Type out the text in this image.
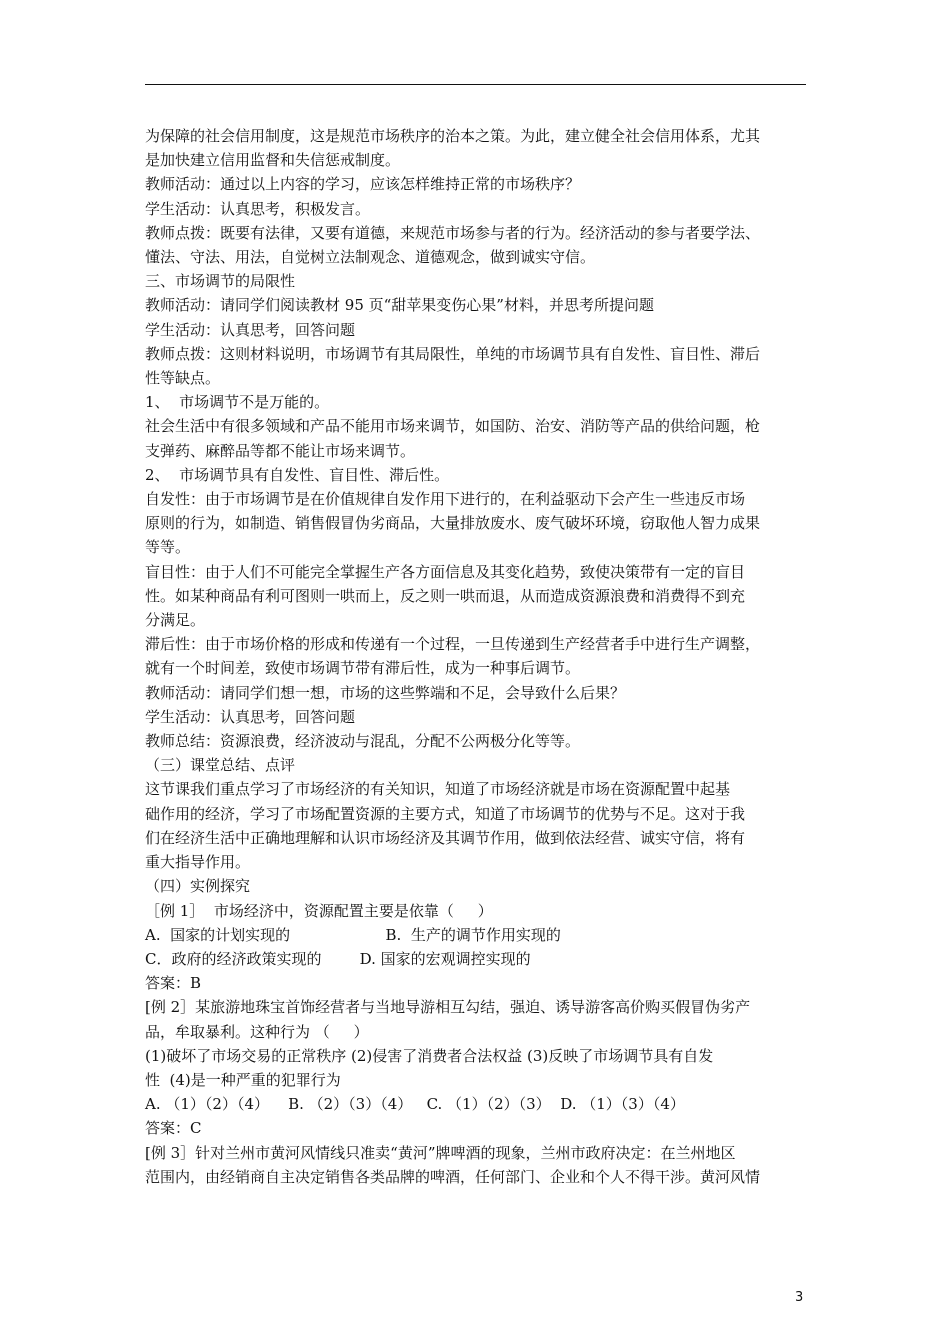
为保障的社会信用制度，这是规范市场秩序的治本之策。为此，建立健全社会信用体系，尤其

是加快建立信用监督和失信惩戒制度。

教师活动：通过以上内容的学习，应该怎样维持正常的市场秩序？

学生活动：认真思考，积极发言。

教师点拨：既要有法律，又要有道德，来规范市场参与者的行为。经济活动的参与者要学法、

懂法、守法、用法，自觉树立法制观念、道德观念，做到诚实守信。

三、市场调节的局限性

教师活动：请同学们阅读教材 95 页“甜苹果变伤心果”材料，并思考所提问题

学生活动：认真思考，回答问题

教师点拨：这则材料说明，市场调节有其局限性，单纯的市场调节具有自发性、盲目性、滞后

性等缺点。

1、  市场调节不是万能的。

社会生活中有很多领域和产品不能用市场来调节，如国防、治安、消防等产品的供给问题，枪

支弹药、麻醉品等都不能让市场来调节。

2、  市场调节具有自发性、盲目性、滞后性。

自发性：由于市场调节是在价值规律自发作用下进行的，在利益驱动下会产生一些违反市场

原则的行为，如制造、销售假冒伪劣商品，大量排放废水、废气破坏环境，窃取他人智力成果

等等。

盲目性：由于人们不可能完全掌握生产各方面信息及其变化趋势，致使决策带有一定的盲目

性。如某种商品有利可图则一哄而上，反之则一哄而退，从而造成资源浪费和消费得不到充

分满足。

滞后性：由于市场价格的形成和传递有一个过程，一旦传递到生产经营者手中进行生产调整，

就有一个时间差，致使市场调节带有滞后性，成为一种事后调节。

教师活动：请同学们想一想，市场的这些弊端和不足，会导致什么后果？

学生活动：认真思考，回答问题

教师总结：资源浪费，经济波动与混乱，分配不公两极分化等等。

（三）课堂总结、点评

这节课我们重点学习了市场经济的有关知识，知道了市场经济就是市场在资源配置中起基

础作用的经济，学习了市场配置资源的主要方式，知道了市场调节的优势与不足。这对于我

们在经济生活中正确地理解和认识市场经济及其调节作用，做到依法经营、诚实守信，将有

重大指导作用。

（四）实例探究

［例 1］  市场经济中，资源配置主要是依靠（     ）

A.  国家的计划实现的                    B.  生产的调节作用实现的

C．政府的经济政策实现的        D. 国家的宏观调控实现的

答案：B

[例 2］某旅游地珠宝首饰经营者与当地导游相互勾结，强迫、诱导游客高价购买假冒伪劣产

品，牟取暴利。这种行为 （     ）

(1)破坏了市场交易的正常秩序 (2)侵害了消费者合法权益 (3)反映了市场调节具有自发

性  (4)是一种严重的犯罪行为

A. （1）（2）（4）    B. （2）（3）（4）   C. （1）（2）（3）  D. （1）（3）（4）

答案：C

[例 3］针对兰州市黄河风情线只准卖“黄河”牌啤酒的现象，兰州市政府决定：在兰州地区

范围内，由经销商自主决定销售各类品牌的啤酒，任何部门、企业和个人不得干涉。黄河风情

3
